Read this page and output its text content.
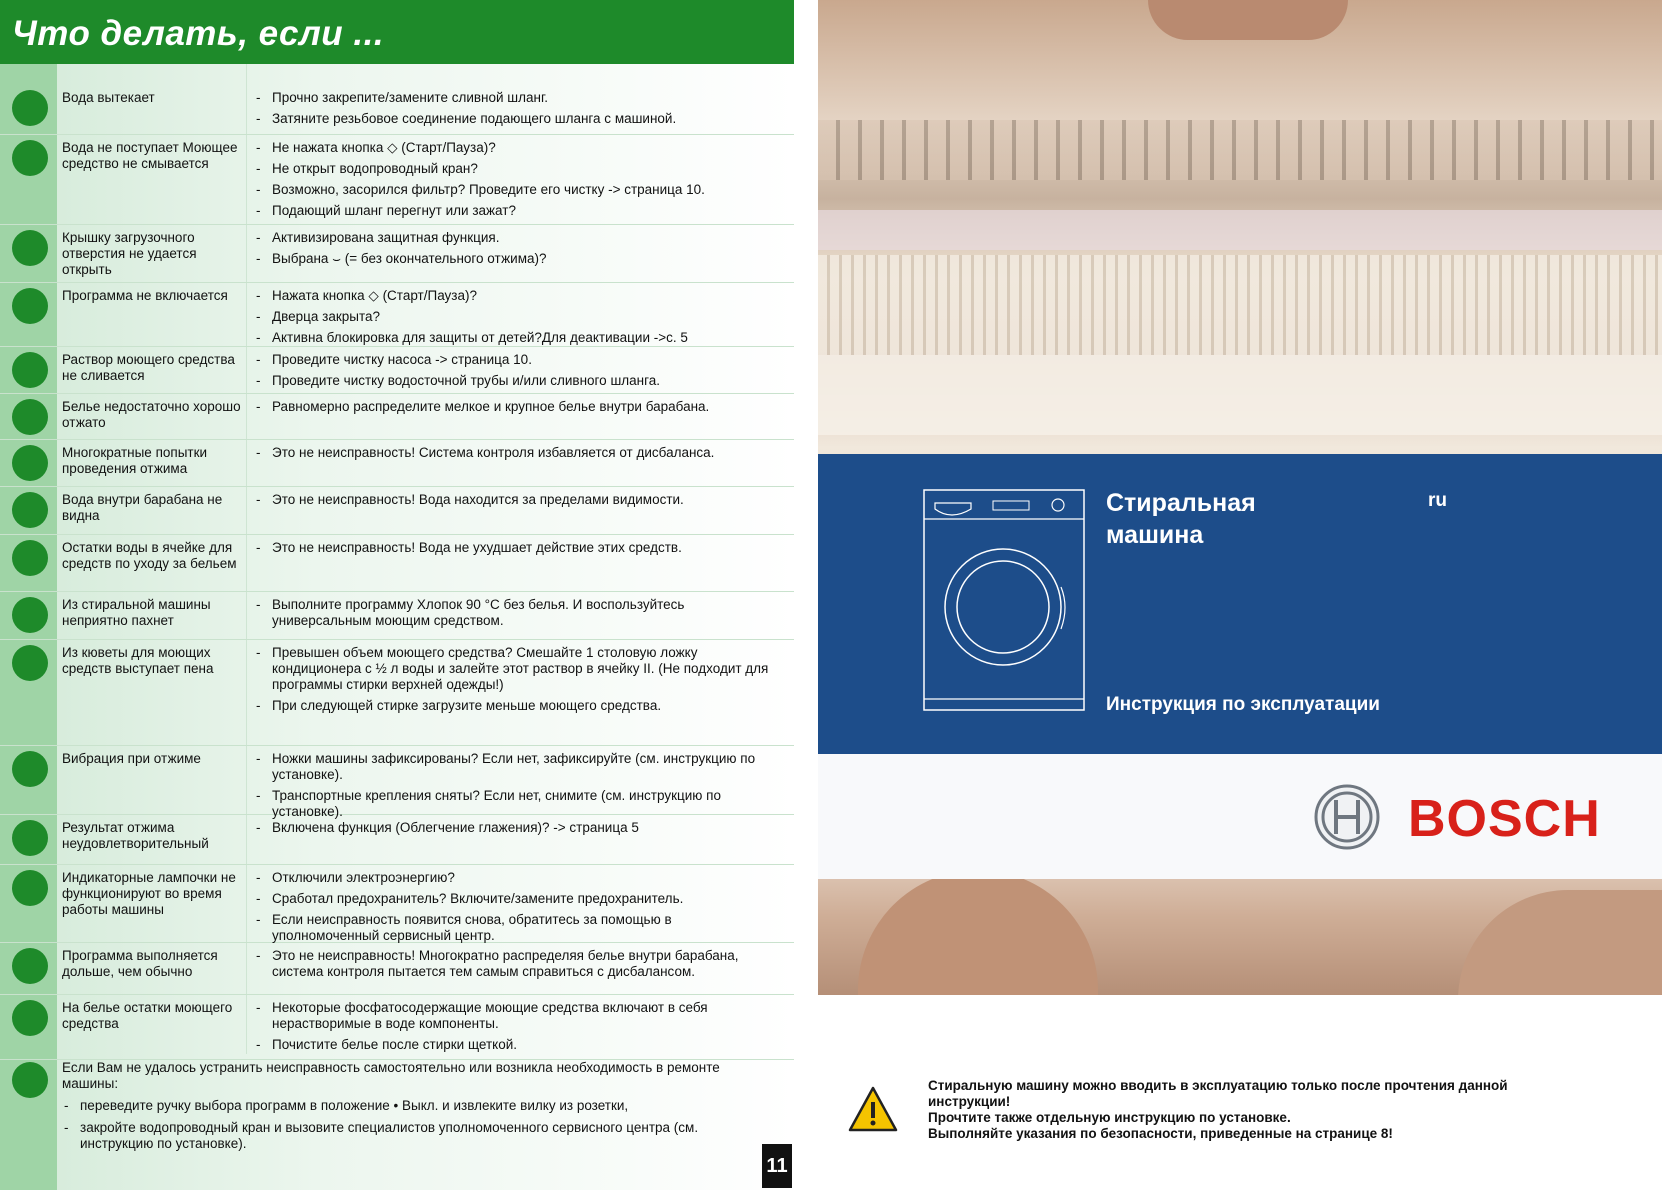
Что делать, если ...
Вода вытекает	- Прочно закрепите/замените сливной шланг.
- Затяните резьбовое соединение подающего шланга с машиной.
Вода не поступает Моющее средство не смывается
- Не нажата кнопка ◇ (Старт/Пауза)?
- Не открыт водопроводный кран?
- Возможно, засорился фильтр? Проведите его чистку -> страница 10.
- Подающий шланг перегнут или зажат?
Крышку загрузочного отверстия не удается открыть
- Активизирована защитная функция.
- Выбрана ⌣ (= без окончательного отжима)?
Программа не включается	- Нажата кнопка ◇ (Старт/Пауза)?
- Дверца закрыта?
- Активна блокировка для защиты от детей?Для деактивации ->с. 5
Раствор моющего средства не сливается
- Проведите чистку насоса -> страница 10.
- Проведите чистку водосточной трубы и/или сливного шланга.
Белье недостаточно хорошо отжато
- Равномерно распределите мелкое и крупное белье внутри барабана.
Многократные попытки проведения отжима
- Это не неисправность! Система контроля избавляется от дисбаланса.
Вода внутри барабана не видна
- Это не неисправность! Вода находится за пределами видимости.
Остатки воды в ячейке для средств по уходу за бельем
- Это не неисправность! Вода не ухудшает действие этих средств.
Из стиральной машины неприятно пахнет
- Выполните программу Хлопок 90 °C без белья. И воспользуйтесь универсальным моющим средством.
Из кюветы для моющих средств выступает пена
- Превышен объем моющего средства? Смешайте 1 столовую ложку кондиционера с ½ л воды и залейте этот раствор в ячейку II. (Не подходит для программы стирки верхней одежды!)
- При следующей стирке загрузите меньше моющего средства.
Вибрация при отжиме	- Ножки машины зафиксированы? Если нет, зафиксируйте (см. инструкцию по установке).
- Транспортные крепления сняты? Если нет, снимите (см. инструкцию по установке).
Результат отжима неудовлетворительный
- Включена функция (Облегчение глажения)? -> страница 5
Индикаторные лампочки не функционируют во время работы машины
- Отключили электроэнергию?
- Сработал предохранитель? Включите/замените предохранитель.
- Если неисправность появится снова, обратитесь за помощью в уполномоченный сервисный центр.
Программа выполняется дольше, чем обычно
- Это не неисправность! Многократно распределяя белье внутри барабана, система контроля пытается тем самым справиться с дисбалансом.
На белье остатки моющего средства
- Некоторые фосфатосодержащие моющие средства включают в себя нерастворимые в воде компоненты.
- Почистите белье после стирки щеткой.
Если Вам не удалось устранить неисправность самостоятельно или возникла необходимость в ремонте машины:
- переведите ручку выбора программ в положение • Выкл. и извлеките вилку из розетки,
- закройте водопроводный кран и вызовите специалистов уполномоченного сервисного центра (см. инструкцию по установке).
11
Стиральная
машина
ru
Инструкция по эксплуатации
BOSCH

Стиральную машину можно вводить в эксплуатацию только после прочтения данной инструкции!

Прочтите также отдельную инструкцию по установке.

Выполняйте указания по безопасности, приведенные на странице 8!
